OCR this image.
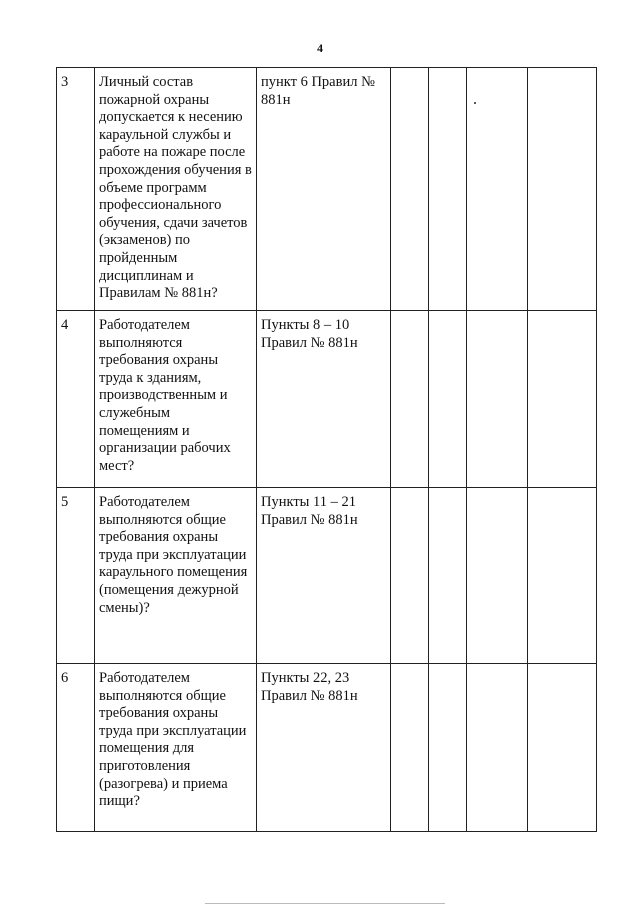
4
3	Личный состав пожарной охраны допускается к несению караульной службы и работе на пожаре после прохождения обучения в объеме программ профессионального обучения, сдачи зачетов (экзаменов) по пройденным дисциплинам и Правилам № 881н?	пункт 6 Правил № 881н			

4	Работодателем выполняются требования охраны труда к зданиям, производственным и служебным помещениям и организации рабочих мест?	Пункты 8 – 10 Правил № 881н				
5	Работодателем выполняются общие требования охраны труда при эксплуатации караульного помещения (помещения дежурной смены)?	Пункты 11 – 21 Правил № 881н				
6	Работодателем выполняются общие требования охраны труда при эксплуатации помещения для приготовления (разогрева) и приема пищи?	Пункты 22, 23 Правил № 881н				
